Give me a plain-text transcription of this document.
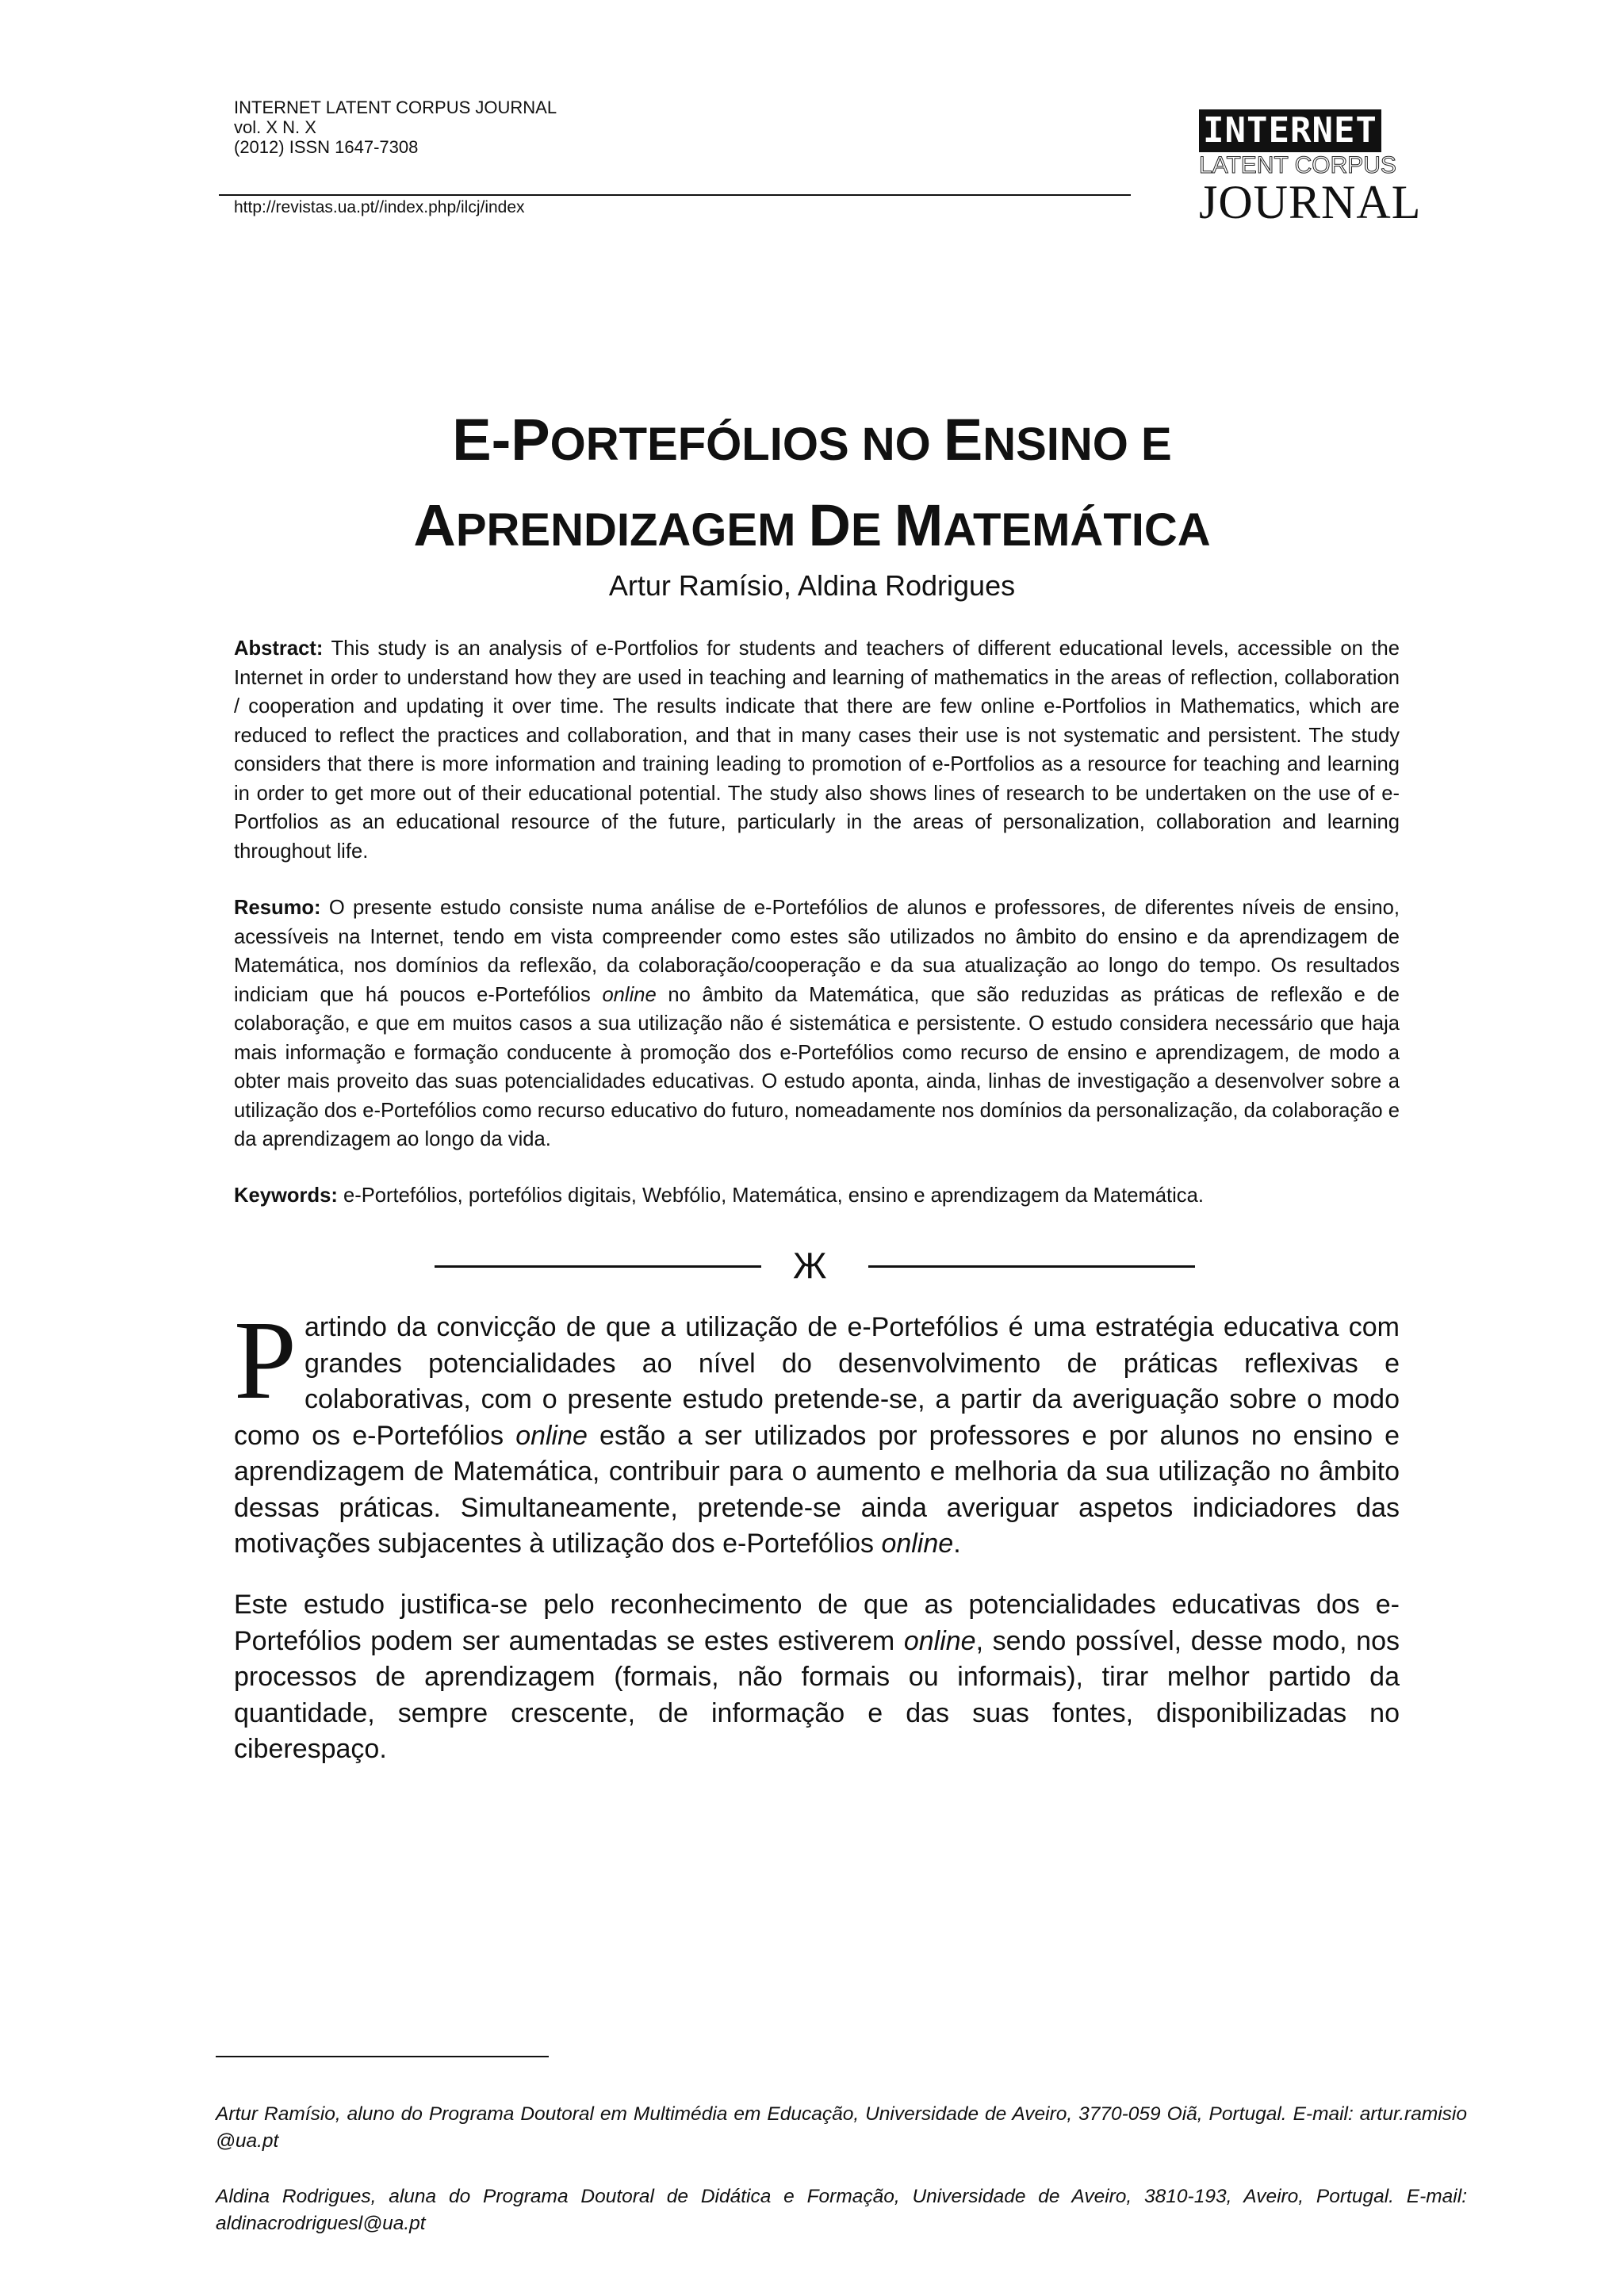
INTERNET LATENT CORPUS JOURNAL
vol. X N. X
(2012) ISSN 1647-7308
http://revistas.ua.pt//index.php/ilcj/index
INTERNET
LATENT CORPUS
JOURNAL
E-PORTEFÓLIOS NO ENSINO E
APRENDIZAGEM DE MATEMÁTICA
Artur Ramísio, Aldina Rodrigues
Abstract: This study is an analysis of e-Portfolios for students and teachers of different educational levels, accessible on the Internet in order to understand how they are used in teaching and learning of mathematics in the areas of reflection, collaboration / cooperation and updating it over time. The results indicate that there are few online e-Portfolios in Mathematics, which are reduced to reflect the practices and collaboration, and that in many cases their use is not systematic and persistent. The study considers that there is more information and training leading to promotion of e-Portfolios as a resource for teaching and learning in order to get more out of their educational potential. The study also shows lines of research to be undertaken on the use of e-Portfolios as an educational resource of the future, particularly in the areas of personalization, collaboration and learning throughout life.
Resumo: O presente estudo consiste numa análise de e-Portefólios de alunos e professores, de diferentes níveis de ensino, acessíveis na Internet, tendo em vista compreender como estes são utilizados no âmbito do ensino e da aprendizagem de Matemática, nos domínios da reflexão, da colaboração/cooperação e da sua atualização ao longo do tempo. Os resultados indiciam que há poucos e-Portefólios online no âmbito da Matemática, que são reduzidas as práticas de reflexão e de colaboração, e que em muitos casos a sua utilização não é sistemática e persistente. O estudo considera necessário que haja mais informação e formação conducente à promoção dos e-Portefólios como recurso de ensino e aprendizagem, de modo a obter mais proveito das suas potencialidades educativas. O estudo aponta, ainda, linhas de investigação a desenvolver sobre a utilização dos e-Portefólios como recurso educativo do futuro, nomeadamente nos domínios da personalização, da colaboração e da aprendizagem ao longo da vida.
Keywords: e-Portefólios, portefólios digitais, Webfólio, Matemática, ensino e aprendizagem da Matemática.
Ж
Partindo da convicção de que a utilização de e-Portefólios é uma estratégia educativa com grandes potencialidades ao nível do desenvolvimento de práticas reflexivas e colaborativas, com o presente estudo pretende-se, a partir da averiguação sobre o modo como os e-Portefólios online estão a ser utilizados por professores e por alunos no ensino e aprendizagem de Matemática, contribuir para o aumento e melhoria da sua utilização no âmbito dessas práticas. Simultaneamente, pretende-se ainda averiguar aspetos indiciadores das motivações subjacentes à utilização dos e-Portefólios online.
Este estudo justifica-se pelo reconhecimento de que as potencialidades educativas dos e-Portefólios podem ser aumentadas se estes estiverem online, sendo possível, desse modo, nos processos de aprendizagem (formais, não formais ou informais), tirar melhor partido da quantidade, sempre crescente, de informação e das suas fontes, disponibilizadas no ciberespaço.
Artur Ramísio, aluno do Programa Doutoral em Multimédia em Educação, Universidade de Aveiro, 3770-059 Oiã, Portugal. E-mail: artur.ramisio @ua.pt
Aldina Rodrigues, aluna do Programa Doutoral de Didática e Formação, Universidade de Aveiro, 3810-193, Aveiro, Portugal. E-mail: aldinacrodriguesl@ua.pt
